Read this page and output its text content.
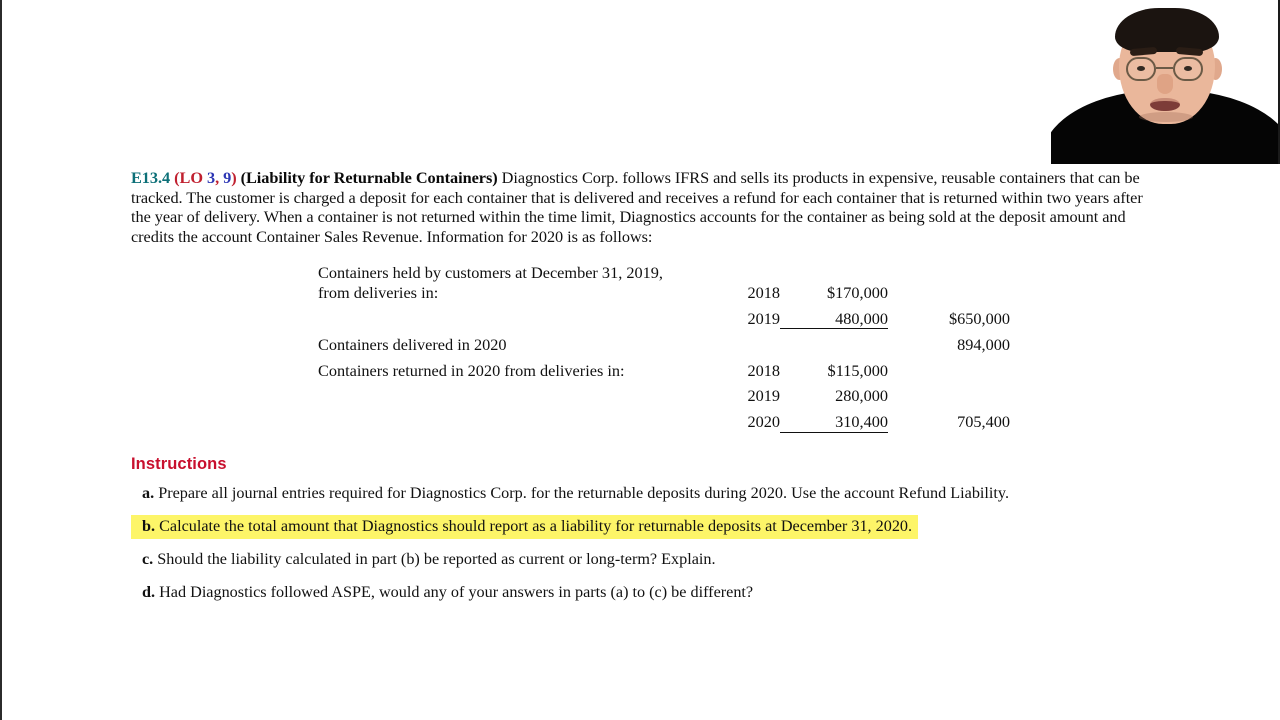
E13.4 (LO 3, 9) (Liability for Returnable Containers) Diagnostics Corp. follows IFRS and sells its products in expensive, reusable containers that can be tracked. The customer is charged a deposit for each container that is delivered and receives a refund for each container that is returned within two years after the year of delivery. When a container is not returned within the time limit, Diagnostics accounts for the container as being sold at the deposit amount and credits the account Container Sales Revenue. Information for 2020 is as follows:

Containers held by customers at December 31, 2019,			
from deliveries in:	2018	$170,000	

	2019	480,000	$650,000

Containers delivered in 2020			894,000

Containers returned in 2020 from deliveries in:	2018	$115,000	

	2019	280,000	

	2020	310,400	705,400
Instructions
a. Prepare all journal entries required for Diagnostics Corp. for the returnable deposits during 2020. Use the account Refund Liability.
b. Calculate the total amount that Diagnostics should report as a liability for returnable deposits at December 31, 2020.
c. Should the liability calculated in part (b) be reported as current or long-term? Explain.
d. Had Diagnostics followed ASPE, would any of your answers in parts (a) to (c) be different?
